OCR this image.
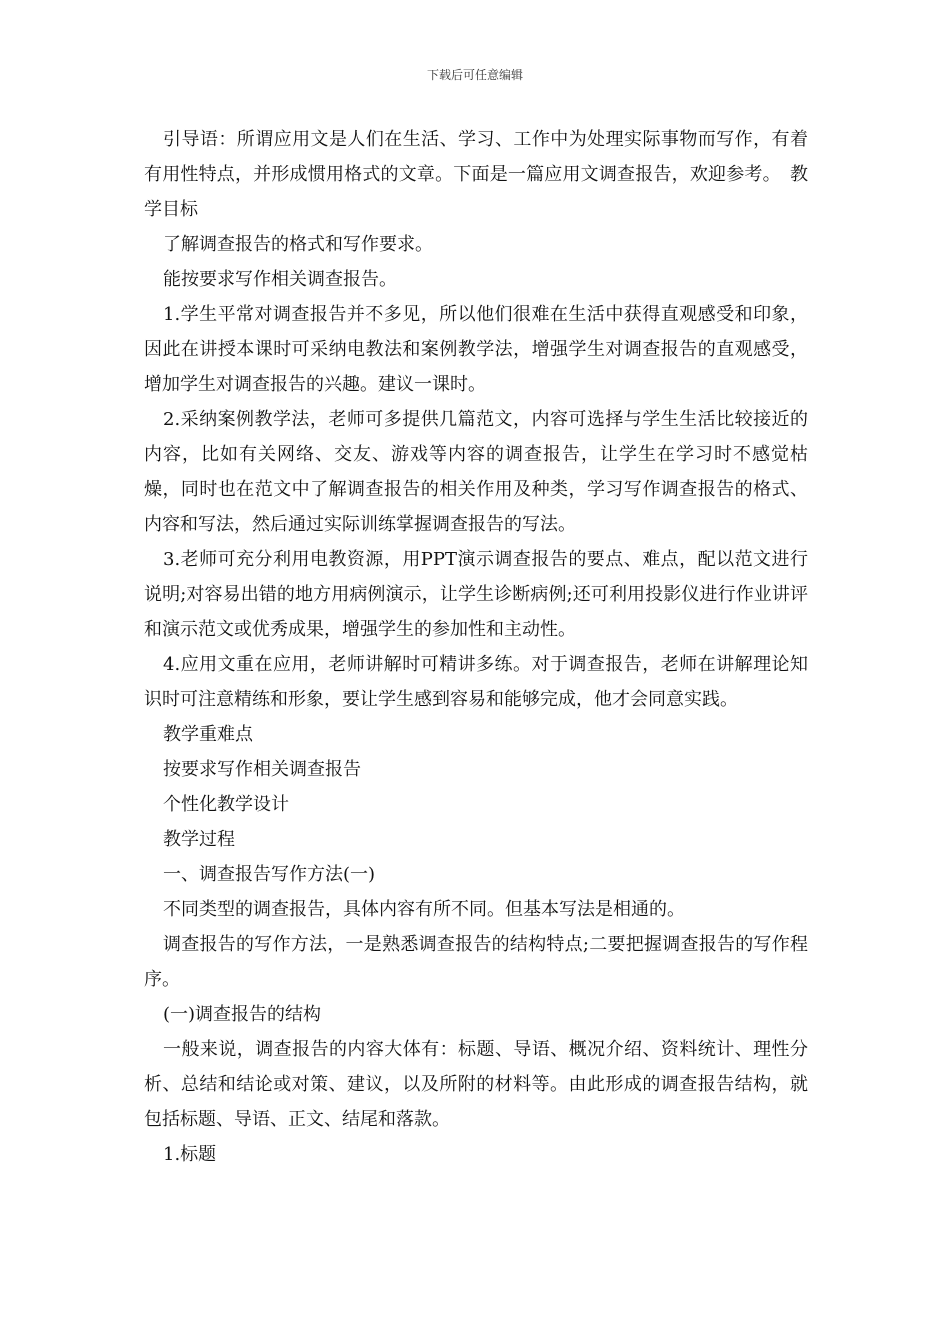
下载后可任意编辑

引导语：所谓应用文是人们在生活、学习、工作中为处理实际事物而写作，有着有用性特点，并形成惯用格式的文章。下面是一篇应用文调查报告，欢迎参考。　教学目标

了解调查报告的格式和写作要求。

能按要求写作相关调查报告。

1.学生平常对调查报告并不多见，所以他们很难在生活中获得直观感受和印象，因此在讲授本课时可采纳电教法和案例教学法，增强学生对调查报告的直观感受，增加学生对调查报告的兴趣。建议一课时。

2.采纳案例教学法，老师可多提供几篇范文，内容可选择与学生生活比较接近的内容，比如有关网络、交友、游戏等内容的调查报告，让学生在学习时不感觉枯燥，同时也在范文中了解调查报告的相关作用及种类，学习写作调查报告的格式、内容和写法，然后通过实际训练掌握调查报告的写法。

3.老师可充分利用电教资源，用PPT演示调查报告的要点、难点，配以范文进行说明;对容易出错的地方用病例演示，让学生诊断病例;还可利用投影仪进行作业讲评和演示范文或优秀成果，增强学生的参加性和主动性。

4.应用文重在应用，老师讲解时可精讲多练。对于调查报告，老师在讲解理论知识时可注意精练和形象，要让学生感到容易和能够完成，他才会同意实践。

教学重难点

按要求写作相关调查报告

个性化教学设计

教学过程

一、调查报告写作方法(一)

不同类型的调查报告，具体内容有所不同。但基本写法是相通的。

调查报告的写作方法，一是熟悉调查报告的结构特点;二要把握调查报告的写作程序。

(一)调查报告的结构

一般来说，调查报告的内容大体有：标题、导语、概况介绍、资料统计、理性分析、总结和结论或对策、建议，以及所附的材料等。由此形成的调查报告结构，就包括标题、导语、正文、结尾和落款。

1.标题
